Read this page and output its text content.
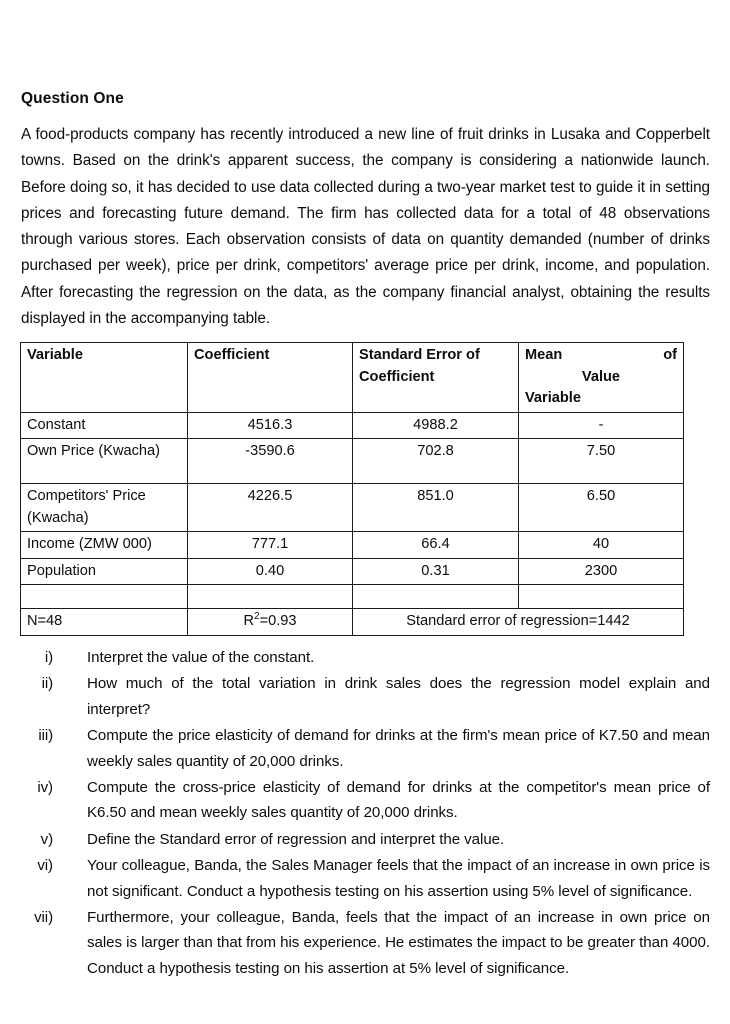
Question One
A food-products company has recently introduced a new line of fruit drinks in Lusaka and Copperbelt towns. Based on the drink's apparent success, the company is considering a nationwide launch. Before doing so, it has decided to use data collected during a two-year market test to guide it in setting prices and forecasting future demand. The firm has collected data for a total of 48 observations through various stores. Each observation consists of data on quantity demanded (number of drinks purchased per week), price per drink, competitors' average price per drink, income, and population. After forecasting the regression on the data, as the company financial analyst, obtaining the results displayed in the accompanying table.
Variable	Coefficient	Standard Error of Coefficient	Mean of
Value
Variable

Constant	4516.3	4988.2	-
Own Price (Kwacha)	-3590.6	702.8	7.50
Competitors' Price (Kwacha)	4226.5	851.0	6.50
Income (ZMW 000)	777.1	66.4	40
Population	0.40	0.31	2300

N=48	$R^2=0.93$	Standard error of regression=1442	
i)	Interpret the value of the constant.
ii)	How much of the total variation in drink sales does the regression model explain and interpret?
iii)	Compute the price elasticity of demand for drinks at the firm's mean price of K7.50 and mean weekly sales quantity of 20,000 drinks.
iv)	Compute the cross-price elasticity of demand for drinks at the competitor's mean price of K6.50 and mean weekly sales quantity of 20,000 drinks.
v)	Define the Standard error of regression and interpret the value.
vi)	Your colleague, Banda, the Sales Manager feels that the impact of an increase in own price is not significant. Conduct a hypothesis testing on his assertion using 5% level of significance.
vii)	Furthermore, your colleague, Banda, feels that the impact of an increase in own price on sales is larger than that from his experience. He estimates the impact to be greater than 4000. Conduct a hypothesis testing on his assertion at 5% level of significance.
